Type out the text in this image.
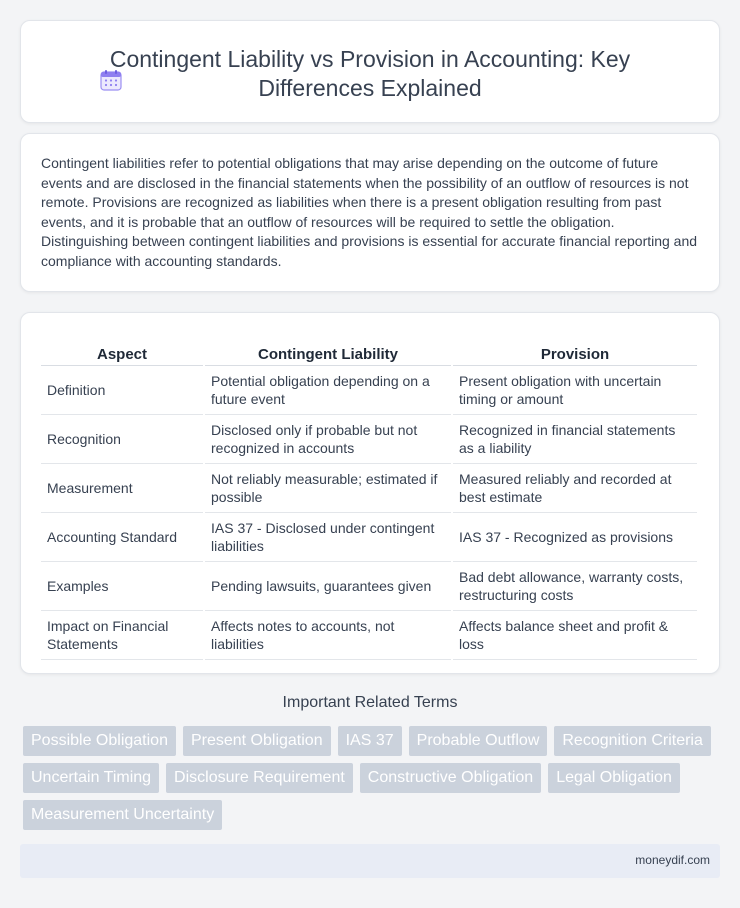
Contingent Liability vs Provision in Accounting: Key Differences Explained

Contingent liabilities refer to potential obligations that may arise depending on the outcome of future events and are disclosed in the financial statements when the possibility of an outflow of resources is not remote. Provisions are recognized as liabilities when there is a present obligation resulting from past events, and it is probable that an outflow of resources will be required to settle the obligation. Distinguishing between contingent liabilities and provisions is essential for accurate financial reporting and compliance with accounting standards.

Aspect	Contingent Liability	Provision
Definition	Potential obligation depending on a future event	Present obligation with uncertain timing or amount
Recognition	Disclosed only if probable but not recognized in accounts	Recognized in financial statements as a liability
Measurement	Not reliably measurable; estimated if possible	Measured reliably and recorded at best estimate
Accounting Standard	IAS 37 - Disclosed under contingent liabilities	IAS 37 - Recognized as provisions
Examples	Pending lawsuits, guarantees given	Bad debt allowance, warranty costs, restructuring costs
Impact on Financial Statements	Affects notes to accounts, not liabilities	Affects balance sheet and profit & loss
Important Related Terms
Possible Obligation	Present Obligation	IAS 37	Probable Outflow	Recognition Criteria
Uncertain Timing	Disclosure Requirement	Constructive Obligation	Legal Obligation
Measurement Uncertainty
moneydif.com
